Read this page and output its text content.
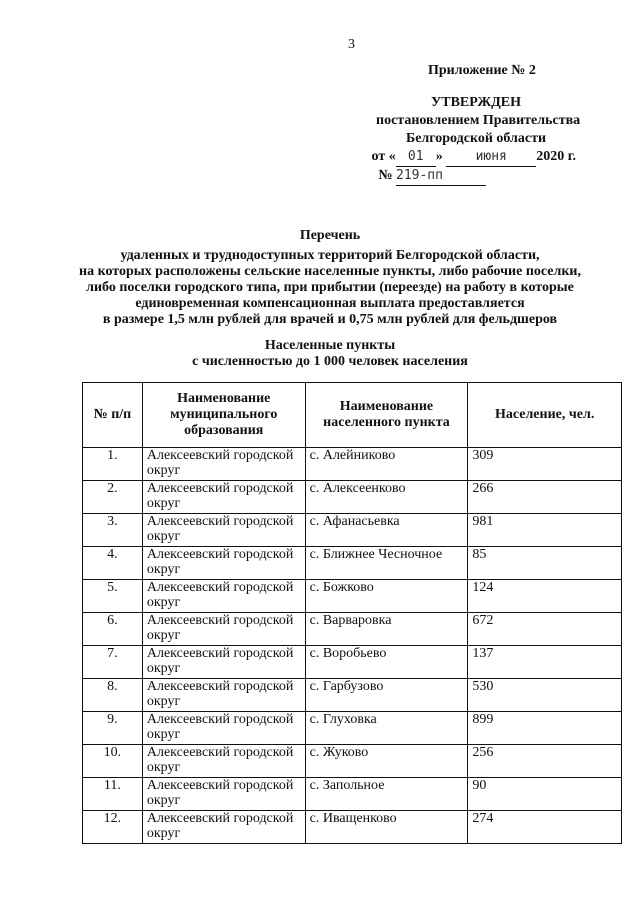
3
Приложение № 2
УТВЕРЖДЕН
постановлением Правительства
Белгородской области
от « 01 »	июня 2020 г.
№ 219-пп
Перечень
удаленных и труднодоступных территорий Белгородской области,
на которых расположены сельские населенные пункты, либо рабочие поселки,
либо поселки городского типа, при прибытии (переезде) на работу в которые
единовременная компенсационная выплата предоставляется
в размере 1,5 млн рублей для врачей и 0,75 млн рублей для фельдшеров
Населенные пункты
с численностью до 1 000 человек населения
№ п/п	Наименование муниципального образования	Наименование населенного пункта	Население, чел.
1.	Алексеевский городской округ	с. Алейниково	309
2.	Алексеевский городской округ	с. Алексеенково	266
3.	Алексеевский городской округ	с. Афанасьевка	981
4.	Алексеевский городской округ	с. Ближнее Чесночное	85
5.	Алексеевский городской округ	с. Божково	124
6.	Алексеевский городской округ	с. Варваровка	672
7.	Алексеевский городской округ	с. Воробьево	137
8.	Алексеевский городской округ	с. Гарбузово	530
9.	Алексеевский городской округ	с. Глуховка	899
10.	Алексеевский городской округ	с. Жуково	256
11.	Алексеевский городской округ	с. Запольное	90
12.	Алексеевский городской округ	с. Иващенково	274
